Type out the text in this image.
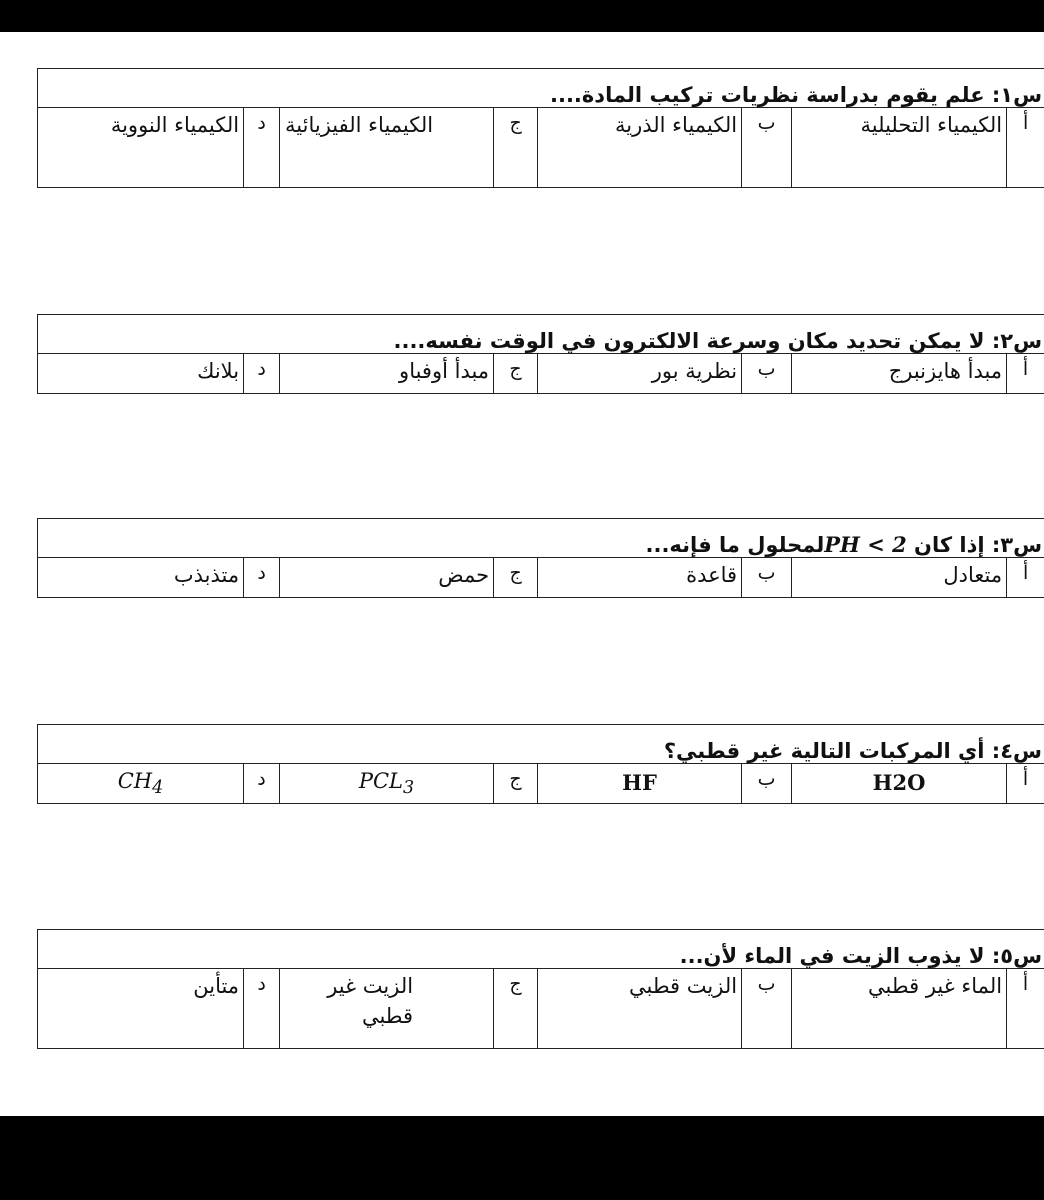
س١: علم يقوم بدراسة نظريات تركيب المادة....
أ	الكيمياء التحليلية	ب	الكيمياء الذرية	ج	الكيمياء الفيزيائية	د	الكيمياء النووية
س٢: لا يمكن تحديد مكان وسرعة الالكترون في الوقت نفسه....
أ	مبدأ هايزنبرج	ب	نظرية بور	ج	مبدأ أوفباو	د	بلانك

س٣: إذا كان PH < 2لمحلول ما فإنه...
أ	متعادل	ب	قاعدة	ج	حمض	د	متذبذب
س٤: أي المركبات التالية غير قطبي؟
أ	H2O	ب	HF	ج	$PCL_3$	د	$CH_4$
س٥: لا يذوب الزيت في الماء لأن...
أ	الماء غير قطبي	ب	الزيت قطبي	ج	الزيت غير قطبي	د	متأين
